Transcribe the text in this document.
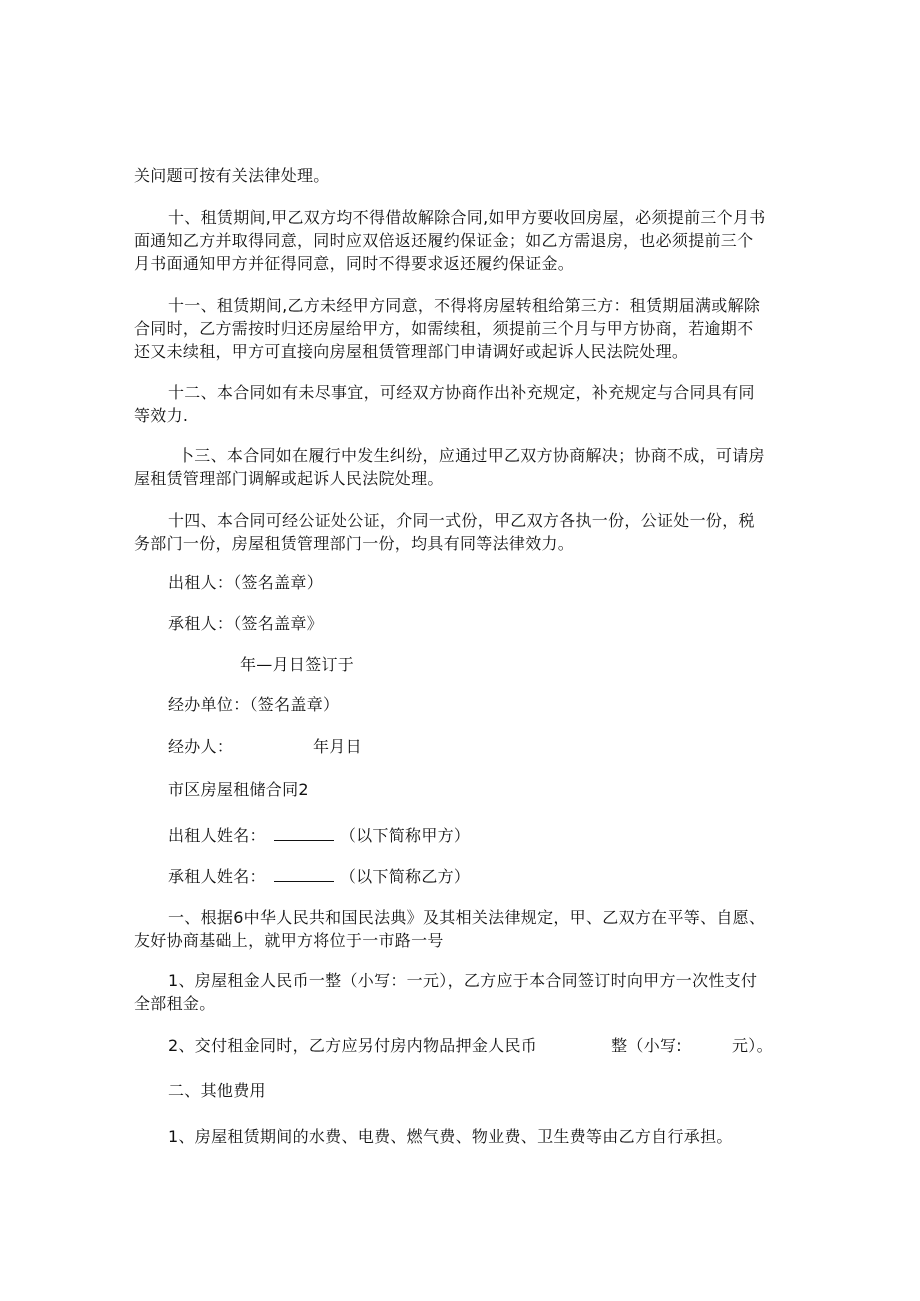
关问题可按有关法律处理。
十、租赁期间,甲乙双方均不得借故解除合同,如甲方要收回房屋，必须提前三个月书
面通知乙方并取得同意，同时应双倍返还履约保证金；如乙方需退房，也必须提前三个
月书面通知甲方并征得同意，同时不得要求返还履约保证金。
十一、租赁期间,乙方未经甲方同意，不得将房屋转租给第三方：租赁期届满或解除
合同时，乙方需按时归还房屋给甲方，如需续租，须提前三个月与甲方协商，若逾期不
还又未续租，甲方可直接向房屋租赁管理部门申请调好或起诉人民法院处理。
十二、本合同如有未尽事宜，可经双方协商作出补充规定，补充规定与合同具有同
等效力.
卜三、本合同如在履行中发生纠纷，应通过甲乙双方协商解决；协商不成，可请房
屋租赁管理部门调解或起诉人民法院处理。
十四、本合同可经公证处公证，介同一式份，甲乙双方各执一份，公证处一份，税
务部门一份，房屋租赁管理部门一份，均具有同等法律效力。
出租人：（签名盖章）
承租人：（签名盖章》
年—月日签订于
经办单位：（签名盖章）
经办人：	年月日
市区房屋租储合同2
出租人姓名：	（以下简称甲方）
承租人姓名：	（以下简称乙方）
一、根据6中华人民共和国民法典》及其相关法律规定，甲、乙双方在平等、自愿、
友好协商基础上，就甲方将位于一市路一号
1、房屋租金人民币一整（小写：一元），乙方应于本合同签订时向甲方一次性支付
全部租金。
2、交付租金同时，乙方应另付房内物品押金人民币	整（小写:	元）。
二、其他费用
1、房屋租赁期间的水费、电费、燃气费、物业费、卫生费等由乙方自行承担。
